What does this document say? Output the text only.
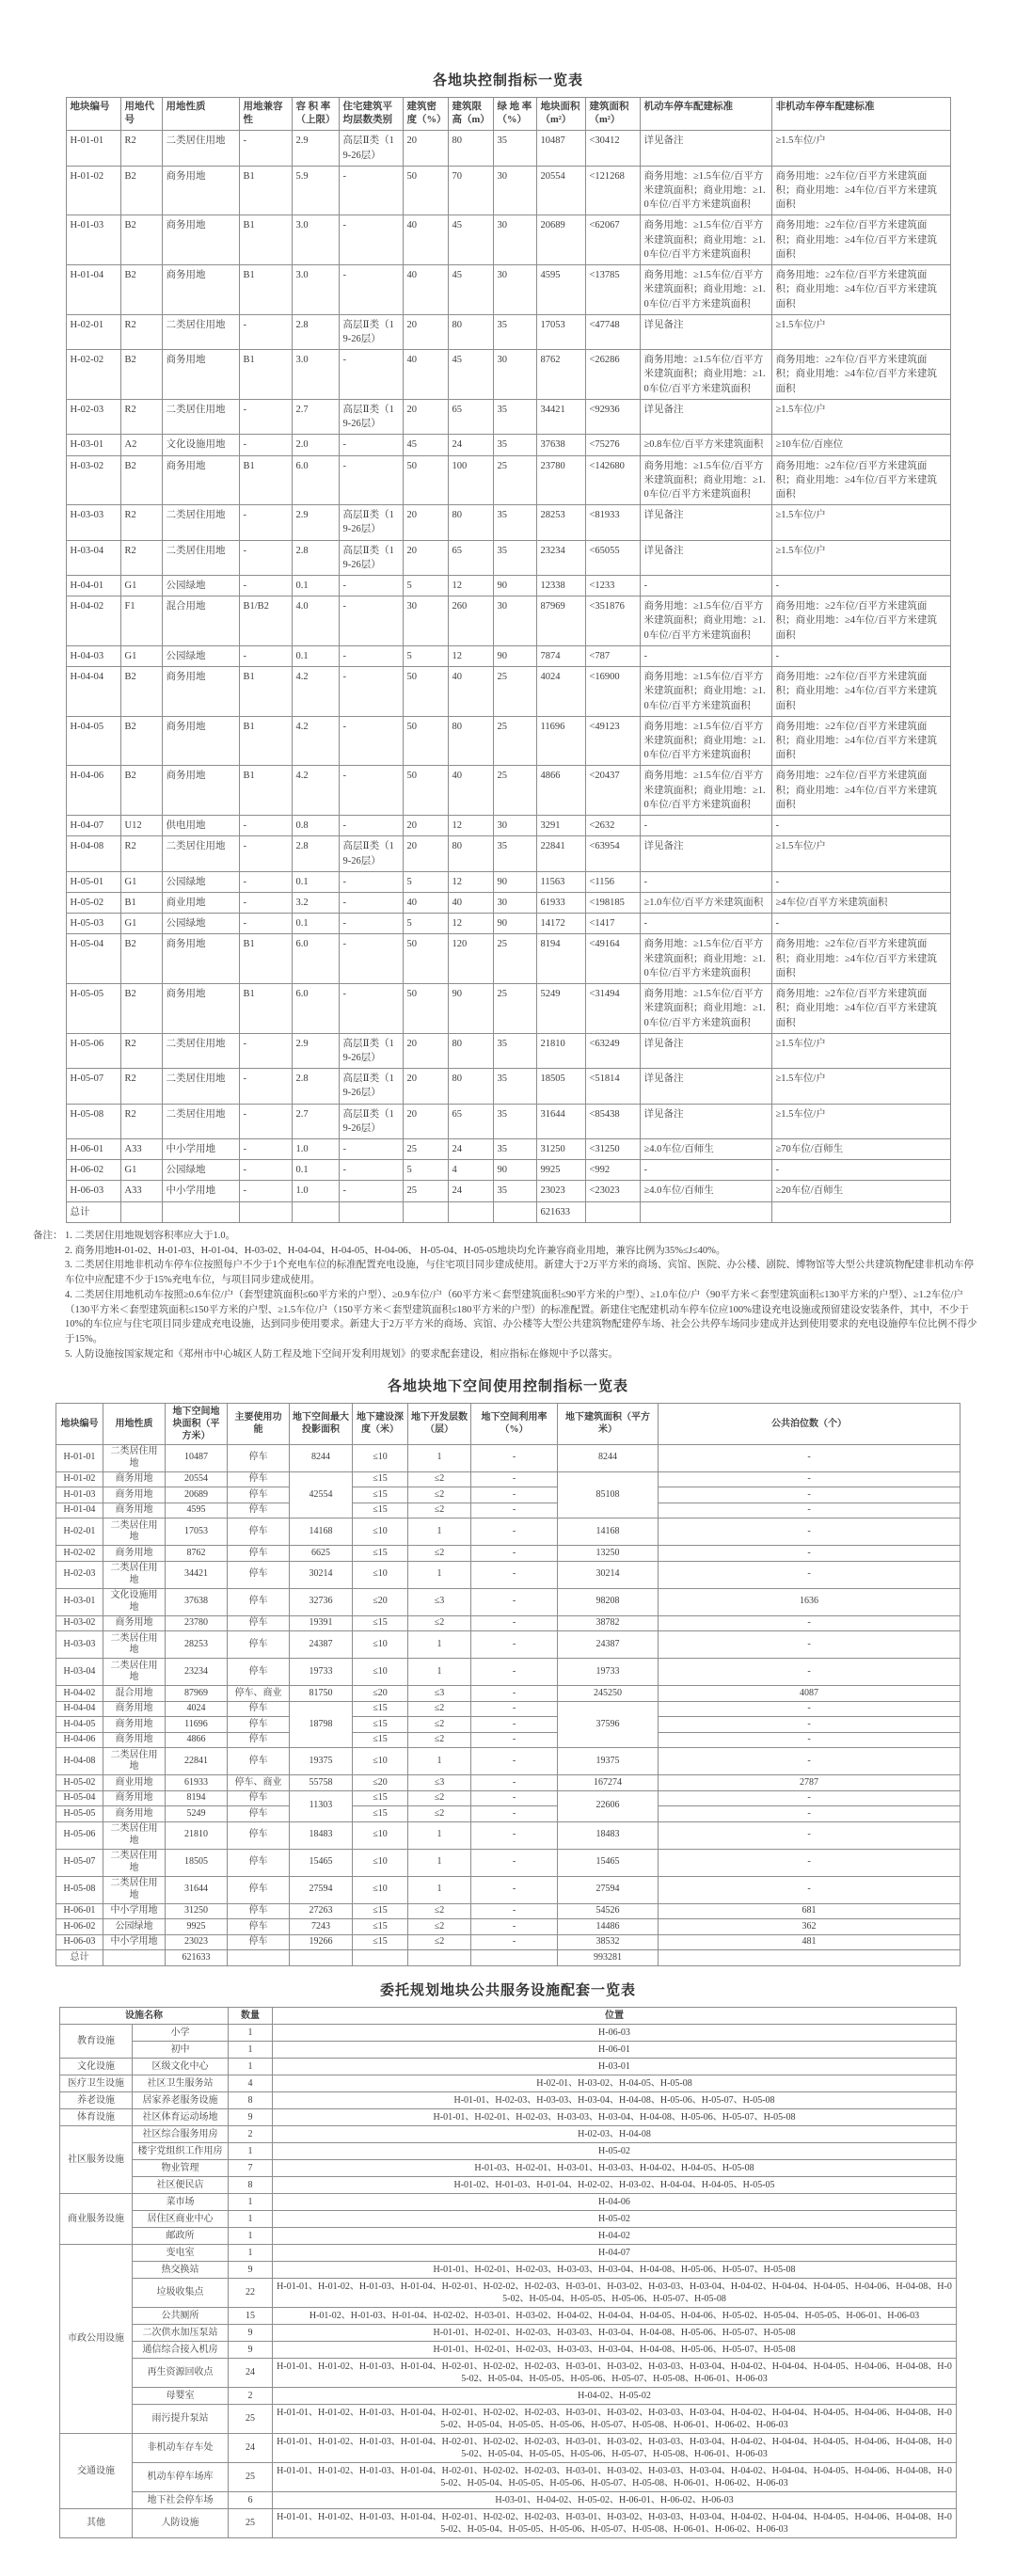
各地块控制指标一览表
地块编号	用地代号	用地性质	用地兼容性	容 积 率（上限）	住宅建筑平均层数类别	建筑密度（%）	建筑限高（m）	绿 地 率（%）	地块面积（m²）	建筑面积（m²）	机动车停车配建标准	非机动车停车配建标准
H-01-01	R2	二类居住用地	-	2.9	高层Ⅱ类（19-26层）	20	80	35	10487	<30412	详见备注	≥1.5车位/户
H-01-02	B2	商务用地	B1	5.9	-	50	70	30	20554	<121268	商务用地：≥1.5车位/百平方米建筑面积；商业用地：≥1.0车位/百平方米建筑面积	商务用地：≥2车位/百平方米建筑面积；商业用地：≥4车位/百平方米建筑面积
H-01-03	B2	商务用地	B1	3.0	-	40	45	30	20689	<62067	商务用地：≥1.5车位/百平方米建筑面积；商业用地：≥1.0车位/百平方米建筑面积	商务用地：≥2车位/百平方米建筑面积；商业用地：≥4车位/百平方米建筑面积
H-01-04	B2	商务用地	B1	3.0	-	40	45	30	4595	<13785	商务用地：≥1.5车位/百平方米建筑面积；商业用地：≥1.0车位/百平方米建筑面积	商务用地：≥2车位/百平方米建筑面积；商业用地：≥4车位/百平方米建筑面积
H-02-01	R2	二类居住用地	-	2.8	高层Ⅱ类（19-26层）	20	80	35	17053	<47748	详见备注	≥1.5车位/户
H-02-02	B2	商务用地	B1	3.0	-	40	45	30	8762	<26286	商务用地：≥1.5车位/百平方米建筑面积；商业用地：≥1.0车位/百平方米建筑面积	商务用地：≥2车位/百平方米建筑面积；商业用地：≥4车位/百平方米建筑面积
H-02-03	R2	二类居住用地	-	2.7	高层Ⅱ类（19-26层）	20	65	35	34421	<92936	详见备注	≥1.5车位/户
H-03-01	A2	文化设施用地	-	2.0	-	45	24	35	37638	<75276	≥0.8车位/百平方米建筑面积	≥10车位/百座位
H-03-02	B2	商务用地	B1	6.0	-	50	100	25	23780	<142680	商务用地：≥1.5车位/百平方米建筑面积；商业用地：≥1.0车位/百平方米建筑面积	商务用地：≥2车位/百平方米建筑面积；商业用地：≥4车位/百平方米建筑面积
H-03-03	R2	二类居住用地	-	2.9	高层Ⅱ类（19-26层）	20	80	35	28253	<81933	详见备注	≥1.5车位/户
H-03-04	R2	二类居住用地	-	2.8	高层Ⅱ类（19-26层）	20	65	35	23234	<65055	详见备注	≥1.5车位/户
H-04-01	G1	公园绿地	-	0.1	-	5	12	90	12338	<1233	-	-
H-04-02	F1	混合用地	B1/B2	4.0	-	30	260	30	87969	<351876	商务用地：≥1.5车位/百平方米建筑面积；商业用地：≥1.0车位/百平方米建筑面积	商务用地：≥2车位/百平方米建筑面积；商业用地：≥4车位/百平方米建筑面积
H-04-03	G1	公园绿地	-	0.1	-	5	12	90	7874	<787	-	-
H-04-04	B2	商务用地	B1	4.2	-	50	40	25	4024	<16900	商务用地：≥1.5车位/百平方米建筑面积；商业用地：≥1.0车位/百平方米建筑面积	商务用地：≥2车位/百平方米建筑面积；商业用地：≥4车位/百平方米建筑面积
H-04-05	B2	商务用地	B1	4.2	-	50	80	25	11696	<49123	商务用地：≥1.5车位/百平方米建筑面积；商业用地：≥1.0车位/百平方米建筑面积	商务用地：≥2车位/百平方米建筑面积；商业用地：≥4车位/百平方米建筑面积
H-04-06	B2	商务用地	B1	4.2	-	50	40	25	4866	<20437	商务用地：≥1.5车位/百平方米建筑面积；商业用地：≥1.0车位/百平方米建筑面积	商务用地：≥2车位/百平方米建筑面积；商业用地：≥4车位/百平方米建筑面积
H-04-07	U12	供电用地	-	0.8	-	20	12	30	3291	<2632	-	-
H-04-08	R2	二类居住用地	-	2.8	高层Ⅱ类（19-26层）	20	80	35	22841	<63954	详见备注	≥1.5车位/户
H-05-01	G1	公园绿地	-	0.1	-	5	12	90	11563	<1156	-	-
H-05-02	B1	商业用地	-	3.2	-	40	40	30	61933	<198185	≥1.0车位/百平方米建筑面积	≥4车位/百平方米建筑面积
H-05-03	G1	公园绿地	-	0.1	-	5	12	90	14172	<1417	-	-
H-05-04	B2	商务用地	B1	6.0	-	50	120	25	8194	<49164	商务用地：≥1.5车位/百平方米建筑面积；商业用地：≥1.0车位/百平方米建筑面积	商务用地：≥2车位/百平方米建筑面积；商业用地：≥4车位/百平方米建筑面积
H-05-05	B2	商务用地	B1	6.0	-	50	90	25	5249	<31494	商务用地：≥1.5车位/百平方米建筑面积；商业用地：≥1.0车位/百平方米建筑面积	商务用地：≥2车位/百平方米建筑面积；商业用地：≥4车位/百平方米建筑面积
H-05-06	R2	二类居住用地	-	2.9	高层Ⅱ类（19-26层）	20	80	35	21810	<63249	详见备注	≥1.5车位/户
H-05-07	R2	二类居住用地	-	2.8	高层Ⅱ类（19-26层）	20	80	35	18505	<51814	详见备注	≥1.5车位/户
H-05-08	R2	二类居住用地	-	2.7	高层Ⅱ类（19-26层）	20	65	35	31644	<85438	详见备注	≥1.5车位/户
H-06-01	A33	中小学用地	-	1.0	-	25	24	35	31250	<31250	≥4.0车位/百师生	≥70车位/百师生
H-06-02	G1	公园绿地	-	0.1	-	5	4	90	9925	<992	-	-
H-06-03	A33	中小学用地	-	1.0	-	25	24	35	23023	<23023	≥4.0车位/百师生	≥20车位/百师生
总计									621633			
备注： 1. 二类居住用地规划容积率应大于1.0。

2. 商务用地H-01-02、H-01-03、H-01-04、H-03-02、H-04-04、H-04-05、H-04-06、 H-05-04、H-05-05地块均允许兼容商业用地，兼容比例为35%≤J≤40%。

3. 二类居住用地非机动车停车位按照每户不少于1个充电车位的标准配置充电设施，与住宅项目同步建成使用。新建大于2万平方米的商场、宾馆、医院、办公楼、剧院、博物馆等大型公共建筑物配建非机动车停车位中应配建不少于15%充电车位，与项目同步建成使用。

4. 二类居住用地机动车按照≥0.6车位/户（套型建筑面积≤60平方米的户型）、≥0.9车位/户（60平方米＜套型建筑面积≤90平方米的户型）、≥1.0车位/户（90平方米＜套型建筑面积≤130平方米的户型）、≥1.2车位/户（130平方米＜套型建筑面积≤150平方米的户型、≥1.5车位/户（150平方米＜套型建筑面积≤180平方米的户型）的标准配置。新建住宅配建机动车停车位应100%建设充电设施或预留建设安装条件，其中，不少于10%的车位应与住宅项目同步建成充电设施，达到同步使用要求。新建大于2万平方米的商场、宾馆、办公楼等大型公共建筑物配建停车场、社会公共停车场同步建成并达到使用要求的充电设施停车位比例不得少于15%。

5. 人防设施按国家规定和《郑州市中心城区人防工程及地下空间开发利用规划》的要求配套建设，相应指标在修规中予以落实。

各地块地下空间使用控制指标一览表
地块编号	用地性质	地下空间地块面积（平方米）	主要使用功能	地下空间最大投影面积	地下建设深度（米）	地下开发层数（层）	地下空间利用率（%）	地下建筑面积（平方米）	公共泊位数（个）
H-01-01	二类居住用地	10487	停车	8244	≤10	1	-	8244	-
H-01-02	商务用地	20554	停车	42554	≤15	≤2	-	85108	-
H-01-03	商务用地	20689	停车		≤15	≤2	-		-
H-01-04	商务用地	4595	停车		≤15	≤2	-		-
H-02-01	二类居住用地	17053	停车	14168	≤10	1	-	14168	-
H-02-02	商务用地	8762	停车	6625	≤15	≤2	-	13250	-
H-02-03	二类居住用地	34421	停车	30214	≤10	1	-	30214	-
H-03-01	文化设施用地	37638	停车	32736	≤20	≤3	-	98208	1636
H-03-02	商务用地	23780	停车	19391	≤15	≤2	-	38782	-
H-03-03	二类居住用地	28253	停车	24387	≤10	1	-	24387	-
H-03-04	二类居住用地	23234	停车	19733	≤10	1	-	19733	-
H-04-02	混合用地	87969	停车、商业	81750	≤20	≤3	-	245250	4087
H-04-04	商务用地	4024	停车	18798	≤15	≤2	-	37596	-
H-04-05	商务用地	11696	停车		≤15	≤2	-		-
H-04-06	商务用地	4866	停车		≤15	≤2	-		-
H-04-08	二类居住用地	22841	停车	19375	≤10	1	-	19375	-
H-05-02	商业用地	61933	停车、商业	55758	≤20	≤3	-	167274	2787
H-05-04	商务用地	8194	停车	11303	≤15	≤2	-	22606	-
H-05-05	商务用地	5249	停车		≤15	≤2	-		-
H-05-06	二类居住用地	21810	停车	18483	≤10	1	-	18483	-
H-05-07	二类居住用地	18505	停车	15465	≤10	1	-	15465	-
H-05-08	二类居住用地	31644	停车	27594	≤10	1	-	27594	-
H-06-01	中小学用地	31250	停车	27263	≤15	≤2	-	54526	681
H-06-02	公园绿地	9925	停车	7243	≤15	≤2	-	14486	362
H-06-03	中小学用地	23023	停车	19266	≤15	≤2	-	38532	481
总计		621633						993281	
委托规划地块公共服务设施配套一览表
设施名称		数量	位置
教育设施	小学	1	H-06-03
	初中	1	H-06-01
文化设施	区级文化中心	1	H-03-01
医疗卫生设施	社区卫生服务站	4	H-02-01、H-03-02、H-04-05、H-05-08
养老设施	居家养老服务设施	8	H-01-01、H-02-03、H-03-03、H-03-04、H-04-08、H-05-06、H-05-07、H-05-08
体育设施	社区体育运动场地	9	H-01-01、H-02-01、H-02-03、H-03-03、H-03-04、H-04-08、H-05-06、H-05-07、H-05-08
社区服务设施	社区综合服务用房	2	H-02-03、H-04-08
	楼宇党组织工作用房	1	H-05-02
	物业管理	7	H-01-03、H-02-01、H-03-01、H-03-03、H-04-02、H-04-05、H-05-08
	社区便民店	8	H-01-02、H-01-03、H-01-04、H-02-02、H-03-02、H-04-04、H-04-05、H-05-05
商业服务设施	菜市场	1	H-04-06
	居住区商业中心	1	H-05-02
	邮政所	1	H-04-02
市政公用设施	变电室	1	H-04-07
	热交换站	9	H-01-01、H-02-01、H-02-03、H-03-03、H-03-04、H-04-08、H-05-06、H-05-07、H-05-08
	垃圾收集点	22	H-01-01、H-01-02、H-01-03、H-01-04、H-02-01、H-02-02、H-02-03、H-03-01、H-03-02、H-03-03、H-03-04、H-04-02、H-04-04、H-04-05、H-04-06、H-04-08、H-05-02、H-05-04、H-05-05、H-05-06、H-05-07、H-05-08
	公共厕所	15	H-01-02、H-01-03、H-01-04、H-02-02、H-03-01、H-03-02、H-04-02、H-04-04、H-04-05、H-04-06、H-05-02、H-05-04、H-05-05、H-06-01、H-06-03
	二次供水加压泵站	9	H-01-01、H-02-01、H-02-03、H-03-03、H-03-04、H-04-08、H-05-06、H-05-07、H-05-08
	通信综合接入机房	9	H-01-01、H-02-01、H-02-03、H-03-03、H-03-04、H-04-08、H-05-06、H-05-07、H-05-08
	再生资源回收点	24	H-01-01、H-01-02、H-01-03、H-01-04、H-02-01、H-02-02、H-02-03、H-03-01、H-03-02、H-03-03、H-03-04、H-04-02、H-04-04、H-04-05、H-04-06、H-04-08、H-05-02、H-05-04、H-05-05、H-05-06、H-05-07、H-05-08、H-06-01、H-06-03
	母婴室	2	H-04-02、H-05-02
	雨污提升泵站	25	H-01-01、H-01-02、H-01-03、H-01-04、H-02-01、H-02-02、H-02-03、H-03-01、H-03-02、H-03-03、H-03-04、H-04-02、H-04-04、H-04-05、H-04-06、H-04-08、H-05-02、H-05-04、H-05-05、H-05-06、H-05-07、H-05-08、H-06-01、H-06-02、H-06-03
交通设施	非机动车存车处	24	H-01-01、H-01-02、H-01-03、H-01-04、H-02-01、H-02-02、H-02-03、H-03-01、H-03-02、H-03-03、H-03-04、H-04-02、H-04-04、H-04-05、H-04-06、H-04-08、H-05-02、H-05-04、H-05-05、H-05-06、H-05-07、H-05-08、H-06-01、H-06-03
	机动车停车场库	25	H-01-01、H-01-02、H-01-03、H-01-04、H-02-01、H-02-02、H-02-03、H-03-01、H-03-02、H-03-03、H-03-04、H-04-02、H-04-04、H-04-05、H-04-06、H-04-08、H-05-02、H-05-04、H-05-05、H-05-06、H-05-07、H-05-08、H-06-01、H-06-02、H-06-03
	地下社会停车场	6	H-03-01、H-04-02、H-05-02、H-06-01、H-06-02、H-06-03
其他	人防设施	25	H-01-01、H-01-02、H-01-03、H-01-04、H-02-01、H-02-02、H-02-03、H-03-01、H-03-02、H-03-03、H-03-04、H-04-02、H-04-04、H-04-05、H-04-06、H-04-08、H-05-02、H-05-04、H-05-05、H-05-06、H-05-07、H-05-08、H-06-01、H-06-02、H-06-03
